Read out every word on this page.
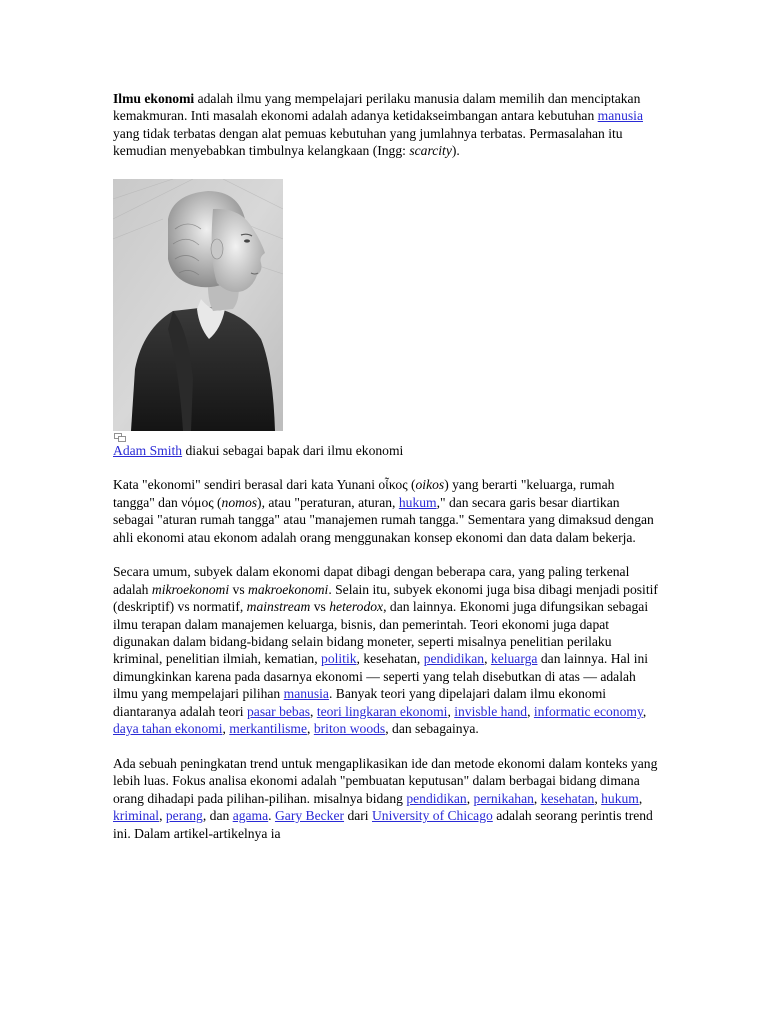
Ilmu ekonomi adalah ilmu yang mempelajari perilaku manusia dalam memilih dan menciptakan kemakmuran. Inti masalah ekonomi adalah adanya ketidakseimbangan antara kebutuhan manusia yang tidak terbatas dengan alat pemuas kebutuhan yang jumlahnya terbatas. Permasalahan itu kemudian menyebabkan timbulnya kelangkaan (Ingg: scarcity).

Adam Smith diakui sebagai bapak dari ilmu ekonomi

Kata "ekonomi" sendiri berasal dari kata Yunani οἶκος (oikos) yang berarti "keluarga, rumah tangga" dan νόμος (nomos), atau "peraturan, aturan, hukum," dan secara garis besar diartikan sebagai "aturan rumah tangga" atau "manajemen rumah tangga." Sementara yang dimaksud dengan ahli ekonomi atau ekonom adalah orang menggunakan konsep ekonomi dan data dalam bekerja.

Secara umum, subyek dalam ekonomi dapat dibagi dengan beberapa cara, yang paling terkenal adalah mikroekonomi vs makroekonomi. Selain itu, subyek ekonomi juga bisa dibagi menjadi positif (deskriptif) vs normatif, mainstream vs heterodox, dan lainnya. Ekonomi juga difungsikan sebagai ilmu terapan dalam manajemen keluarga, bisnis, dan pemerintah. Teori ekonomi juga dapat digunakan dalam bidang-bidang selain bidang moneter, seperti misalnya penelitian perilaku kriminal, penelitian ilmiah, kematian, politik, kesehatan, pendidikan, keluarga dan lainnya. Hal ini dimungkinkan karena pada dasarnya ekonomi — seperti yang telah disebutkan di atas — adalah ilmu yang mempelajari pilihan manusia. Banyak teori yang dipelajari dalam ilmu ekonomi diantaranya adalah teori pasar bebas, teori lingkaran ekonomi, invisble hand, informatic economy, daya tahan ekonomi, merkantilisme, briton woods, dan sebagainya.

Ada sebuah peningkatan trend untuk mengaplikasikan ide dan metode ekonomi dalam konteks yang lebih luas. Fokus analisa ekonomi adalah "pembuatan keputusan" dalam berbagai bidang dimana orang dihadapi pada pilihan-pilihan. misalnya bidang pendidikan, pernikahan, kesehatan, hukum, kriminal, perang, dan agama. Gary Becker dari University of Chicago adalah seorang perintis trend ini. Dalam artikel-artikelnya ia
